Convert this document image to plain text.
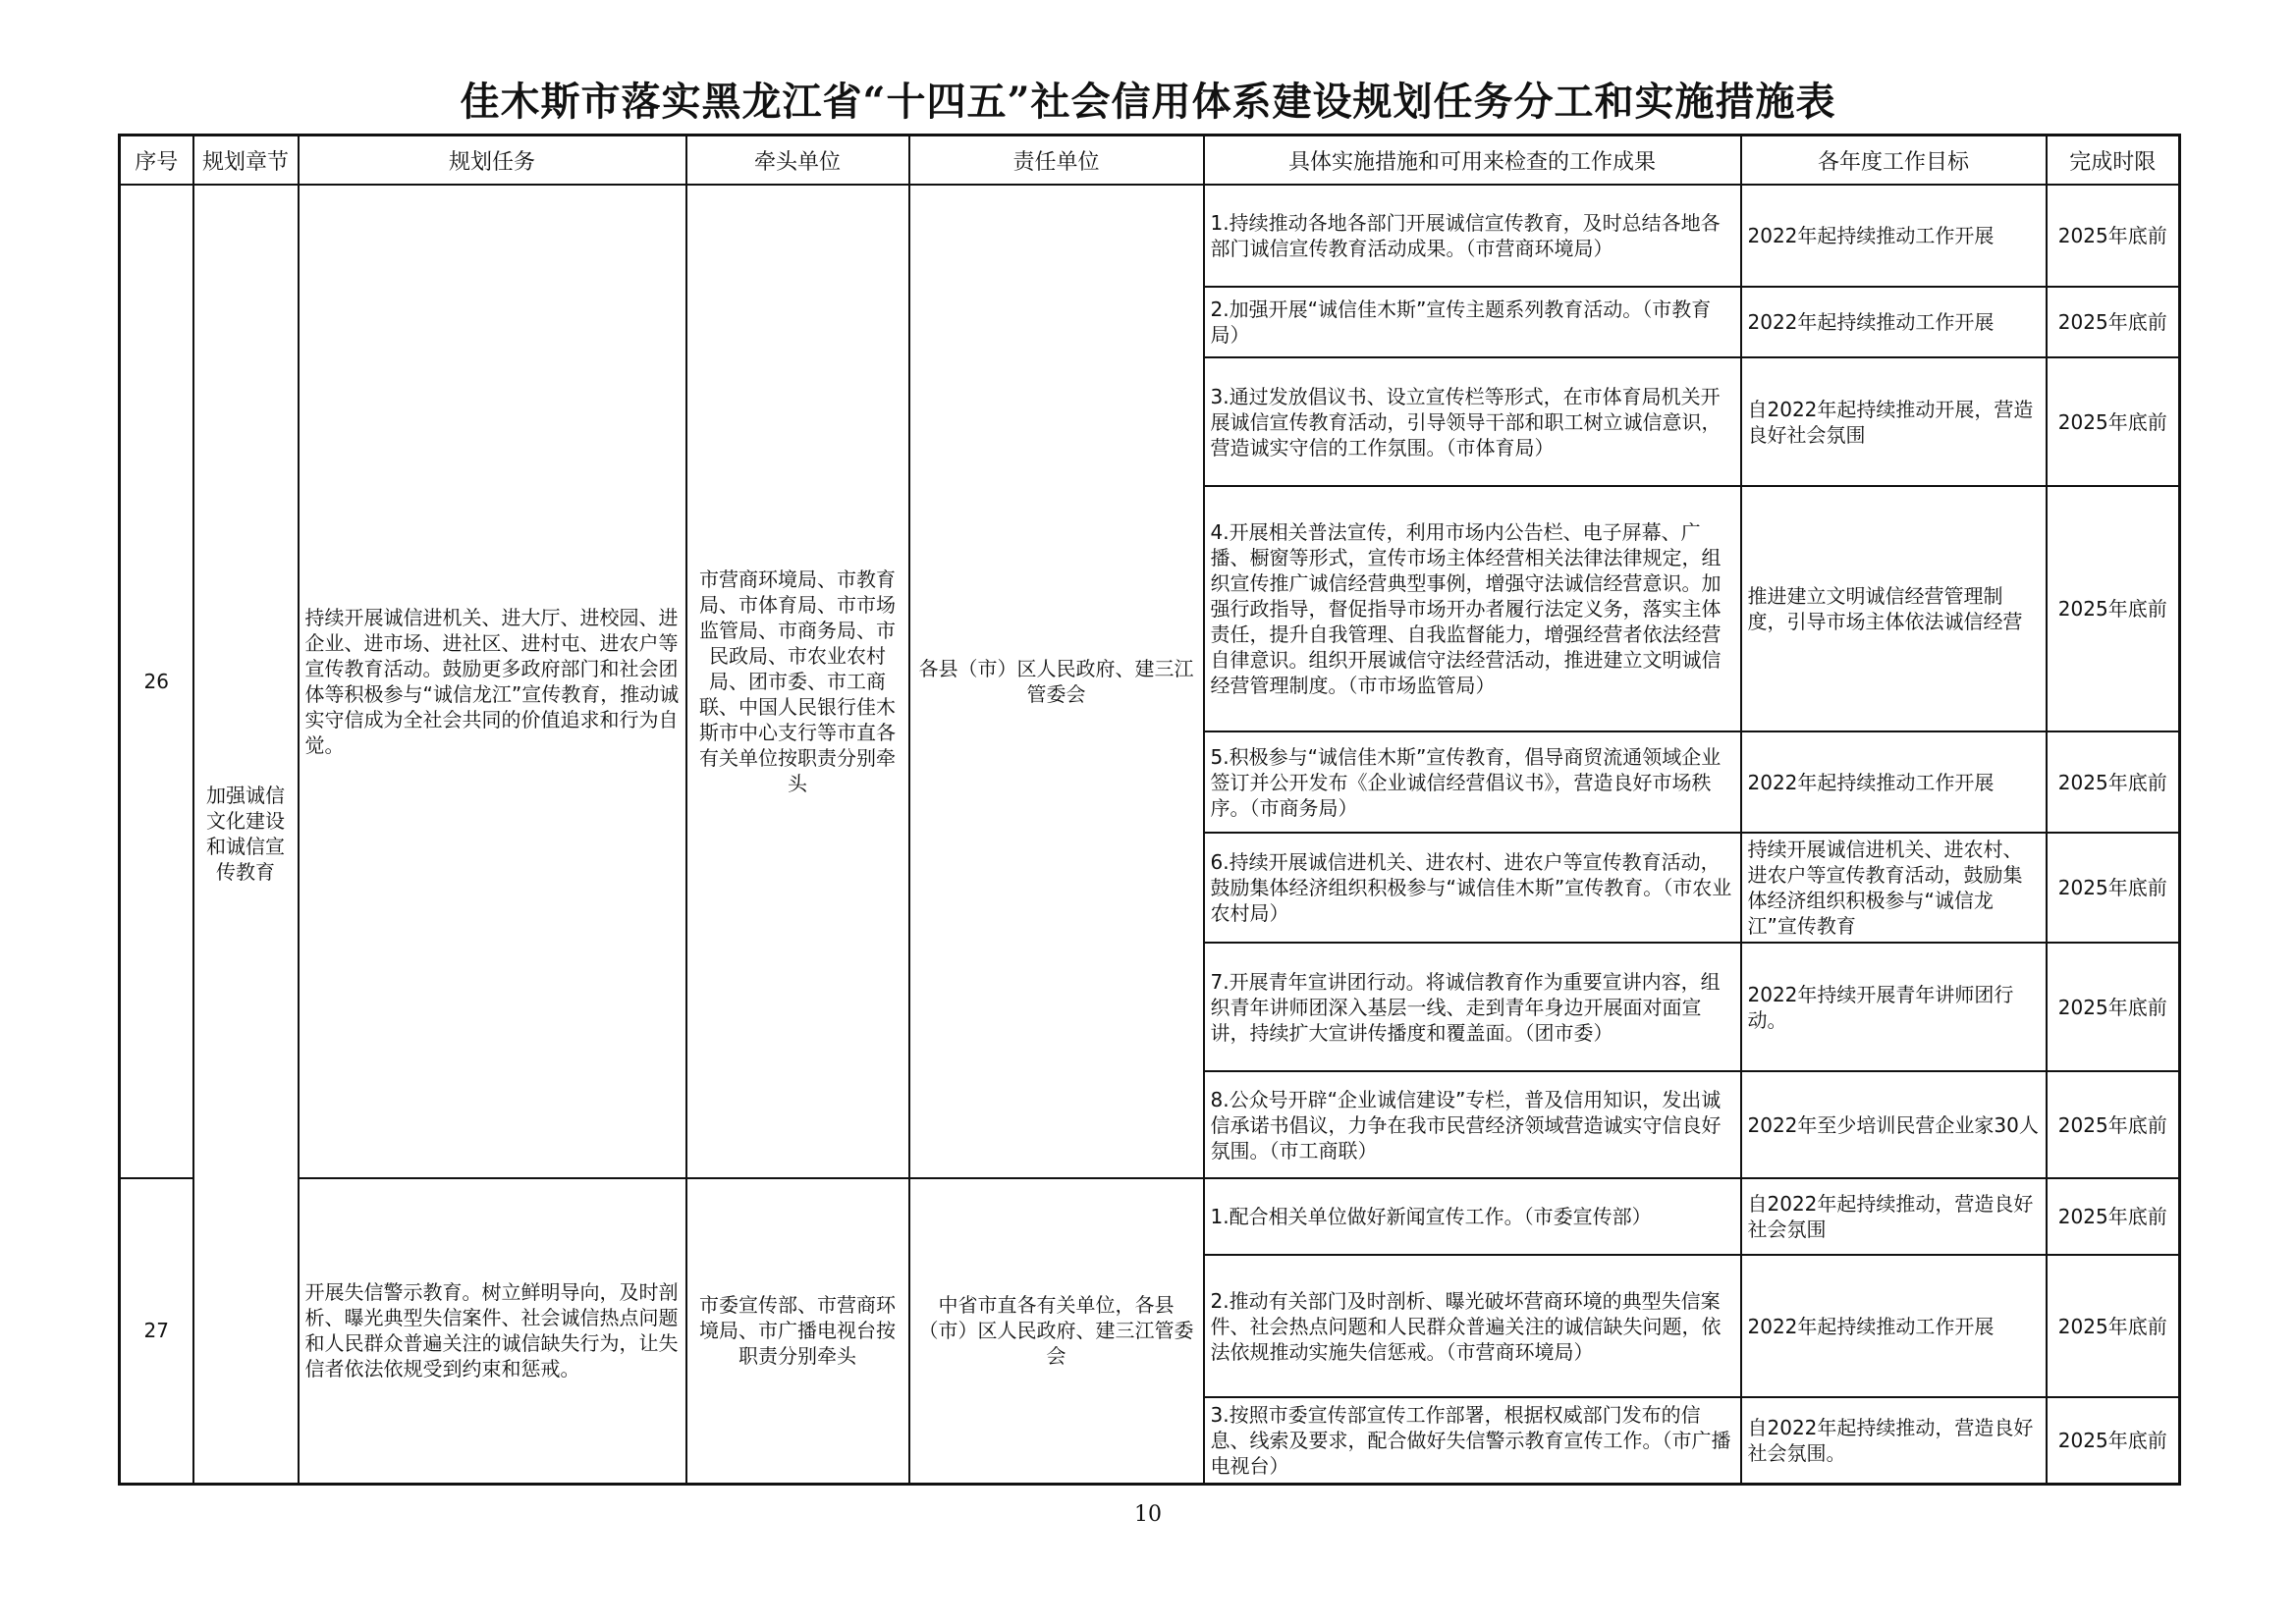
佳木斯市落实黑龙江省“十四五”社会信用体系建设规划任务分工和实施措施表
序号	规划章节	规划任务	牵头单位	责任单位	具体实施措施和可用来检查的工作成果	各年度工作目标	完成时限
26	加强诚信文化建设和诚信宣传教育	持续开展诚信进机关、进大厅、进校园、进企业、进市场、进社区、进村屯、进农户等宣传教育活动。鼓励更多政府部门和社会团体等积极参与“诚信龙江”宣传教育，推动诚实守信成为全社会共同的价值追求和行为自觉。	市营商环境局、市教育局、市体育局、市市场监管局、市商务局、市民政局、市农业农村局、团市委、市工商联、中国人民银行佳木斯市中心支行等市直各有关单位按职责分别牵头	各县（市）区人民政府、建三江管委会	1.持续推动各地各部门开展诚信宣传教育，及时总结各地各部门诚信宣传教育活动成果。（市营商环境局）	2022年起持续推动工作开展	2025年底前
					2.加强开展“诚信佳木斯”宣传主题系列教育活动。（市教育局）	2022年起持续推动工作开展	2025年底前
					3.通过发放倡议书、设立宣传栏等形式，在市体育局机关开展诚信宣传教育活动，引导领导干部和职工树立诚信意识，营造诚实守信的工作氛围。（市体育局）	自2022年起持续推动开展，营造良好社会氛围	2025年底前
					4.开展相关普法宣传，利用市场内公告栏、电子屏幕、广播、橱窗等形式，宣传市场主体经营相关法律法律规定，组织宣传推广诚信经营典型事例，增强守法诚信经营意识。加强行政指导，督促指导市场开办者履行法定义务，落实主体责任，提升自我管理、自我监督能力，增强经营者依法经营自律意识。组织开展诚信守法经营活动，推进建立文明诚信经营管理制度。（市市场监管局）	推进建立文明诚信经营管理制度，引导市场主体依法诚信经营	2025年底前
					5.积极参与“诚信佳木斯”宣传教育，倡导商贸流通领域企业签订并公开发布《企业诚信经营倡议书》，营造良好市场秩序。（市商务局）	2022年起持续推动工作开展	2025年底前
					6.持续开展诚信进机关、进农村、进农户等宣传教育活动，鼓励集体经济组织积极参与“诚信佳木斯”宣传教育。（市农业农村局）	持续开展诚信进机关、进农村、进农户等宣传教育活动，鼓励集体经济组织积极参与“诚信龙江”宣传教育	2025年底前
					7.开展青年宣讲团行动。将诚信教育作为重要宣讲内容，组织青年讲师团深入基层一线、走到青年身边开展面对面宣讲，持续扩大宣讲传播度和覆盖面。（团市委）	2022年持续开展青年讲师团行动。	2025年底前
					8.公众号开辟“企业诚信建设”专栏，普及信用知识，发出诚信承诺书倡议，力争在我市民营经济领域营造诚实守信良好氛围。（市工商联）	2022年至少培训民营企业家30人	2025年底前
27		开展失信警示教育。树立鲜明导向，及时剖析、曝光典型失信案件、社会诚信热点问题和人民群众普遍关注的诚信缺失行为，让失信者依法依规受到约束和惩戒。	市委宣传部、市营商环境局、市广播电视台按职责分别牵头	中省市直各有关单位，各县（市）区人民政府、建三江管委会	1.配合相关单位做好新闻宣传工作。（市委宣传部）	自2022年起持续推动，营造良好社会氛围	2025年底前
					2.推动有关部门及时剖析、曝光破坏营商环境的典型失信案件、社会热点问题和人民群众普遍关注的诚信缺失问题，依法依规推动实施失信惩戒。（市营商环境局）	2022年起持续推动工作开展	2025年底前
					3.按照市委宣传部宣传工作部署，根据权威部门发布的信息、线索及要求，配合做好失信警示教育宣传工作。（市广播电视台）	自2022年起持续推动，营造良好社会氛围。	2025年底前
10
